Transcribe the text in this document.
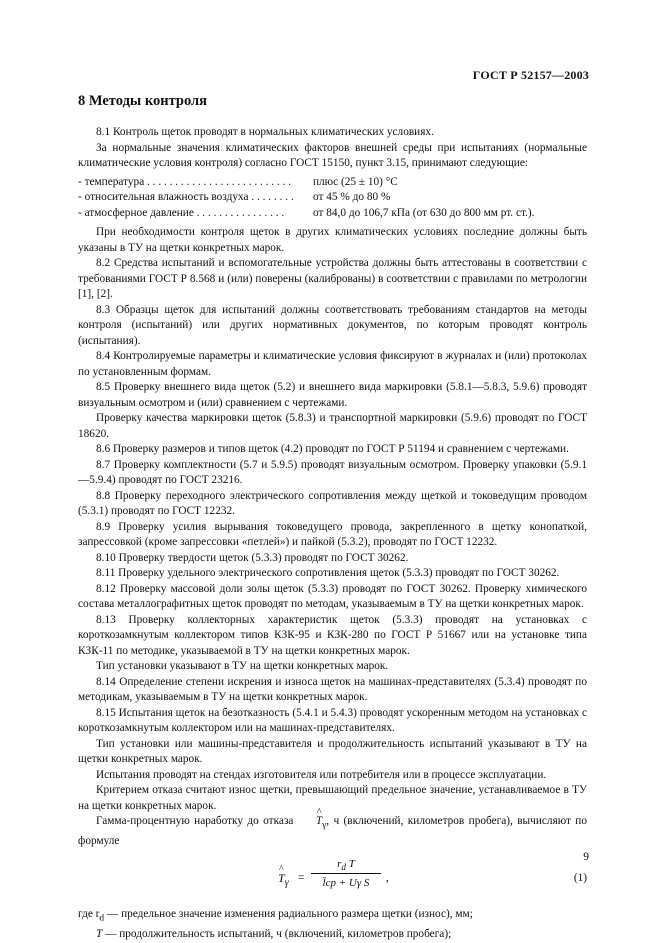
ГОСТ Р 52157—2003
8 Методы контроля

8.1 Контроль щеток проводят в нормальных климатических условиях.

За нормальные значения климатических факторов внешней среды при испытаниях (нормальные климатические условия контроля) согласно ГОСТ 15150, пункт 3.15, принимают следующие:

- температура . . . . . . . . . . . . . . . . . . . . . . . . . .	плюс (25 ± 10) °С
- относительная влажность воздуха . . . . . . . .	от 45 % до 80 %
- атмосферное давление . . . . . . . . . . . . . . . .	от 84,0 до 106,7 кПа (от 630 до 800 мм рт. ст.).

При необходимости контроля щеток в других климатических условиях последние должны быть указаны в ТУ на щетки конкретных марок.

8.2 Средства испытаний и вспомогательные устройства должны быть аттестованы в соответствии с требованиями ГОСТ Р 8.568 и (или) поверены (калиброваны) в соответствии с правилами по метрологии [1], [2].

8.3 Образцы щеток для испытаний должны соответствовать требованиям стандартов на методы контроля (испытаний) или других нормативных документов, по которым проводят контроль (испытания).

8.4 Контролируемые параметры и климатические условия фиксируют в журналах и (или) протоколах по установленным формам.

8.5 Проверку внешнего вида щеток (5.2) и внешнего вида маркировки (5.8.1—5.8.3, 5.9.6) проводят визуальным осмотром и (или) сравнением с чертежами.

Проверку качества маркировки щеток (5.8.3) и транспортной маркировки (5.9.6) проводят по ГОСТ 18620.

8.6 Проверку размеров и типов щеток (4.2) проводят по ГОСТ Р 51194 и сравнением с чертежами.

8.7 Проверку комплектности (5.7 и 5.9.5) проводят визуальным осмотром. Проверку упаковки (5.9.1—5.9.4) проводят по ГОСТ 23216.

8.8 Проверку переходного электрического сопротивления между щеткой и токоведущим проводом (5.3.1) проводят по ГОСТ 12232.

8.9 Проверку усилия вырывания токоведущего провода, закрепленного в щетку конопаткой, запрессовкой (кроме запрессовки «петлей») и пайкой (5.3.2), проводят по ГОСТ 12232.

8.10 Проверку твердости щеток (5.3.3) проводят по ГОСТ 30262.

8.11 Проверку удельного электрического сопротивления щеток (5.3.3) проводят по ГОСТ 30262.

8.12 Проверку массовой доли золы щеток (5.3.3) проводят по ГОСТ 30262. Проверку химического состава металлографитных щеток проводят по методам, указываемым в ТУ на щетки конкретных марок.

8.13 Проверку коллекторных характеристик щеток (5.3.3) проводят на установках с короткозамкнутым коллектором типов КЗК-95 и КЗК-280 по ГОСТ Р 51667 или на установке типа КЗК-11 по методике, указываемой в ТУ на щетки конкретных марок.

Тип установки указывают в ТУ на щетки конкретных марок.

8.14 Определение степени искрения и износа щеток на машинах-представителях (5.3.4) проводят по методикам, указываемым в ТУ на щетки конкретных марок.

8.15 Испытания щеток на безотказность (5.4.1 и 5.4.3) проводят ускоренным методом на установках с короткозамкнутым коллектором или на машинах-представителях.

Тип установки или машины-представителя и продолжительность испытаний указывают в ТУ на щетки конкретных марок.

Испытания проводят на стендах изготовителя или потребителя или в процессе эксплуатации.

Критерием отказа считают износ щетки, превышающий предельное значение, устанавливаемое в ТУ на щетки конкретных марок.

Гамма-процентную наработку до отказа ^ $T_\gamma$, ч (включений, километров пробега), вычисляют по формуле

^ $T_\gamma$ =
$r_d$ T
l̄ср + Uγ S	,	(1)

где $r_d$ — предельное значение изменения радиального размера щетки (износ), мм;

T — продолжительность испытаний, ч (включений, километров пробега);

9
